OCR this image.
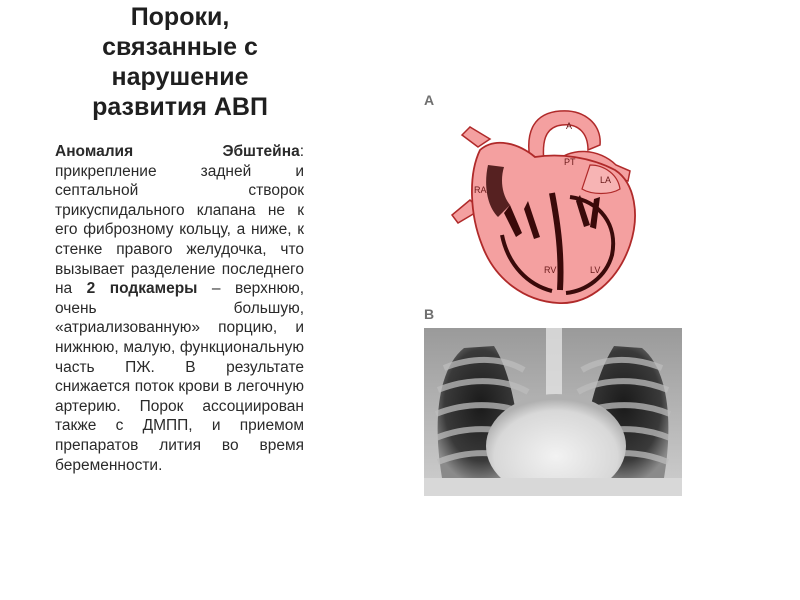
Пороки,
связанные с
нарушение
развития АВП
Аномалия Эбштейна: прикрепление задней и септальной створок трикуспидального клапана не к его фиброзному кольцу, а ниже, к стенке правого желудочка, что вызывает разделение последнего на 2 подкамеры – верхнюю, очень большую, «атриализованную» порцию, и нижнюю, малую, функциональную часть ПЖ. В результате снижается поток крови в легочную артерию. Порок ассоциирован также с ДМПП, и приемом препаратов лития во время беременности.
A
B
A
PT
LA
RA
RV	LV
